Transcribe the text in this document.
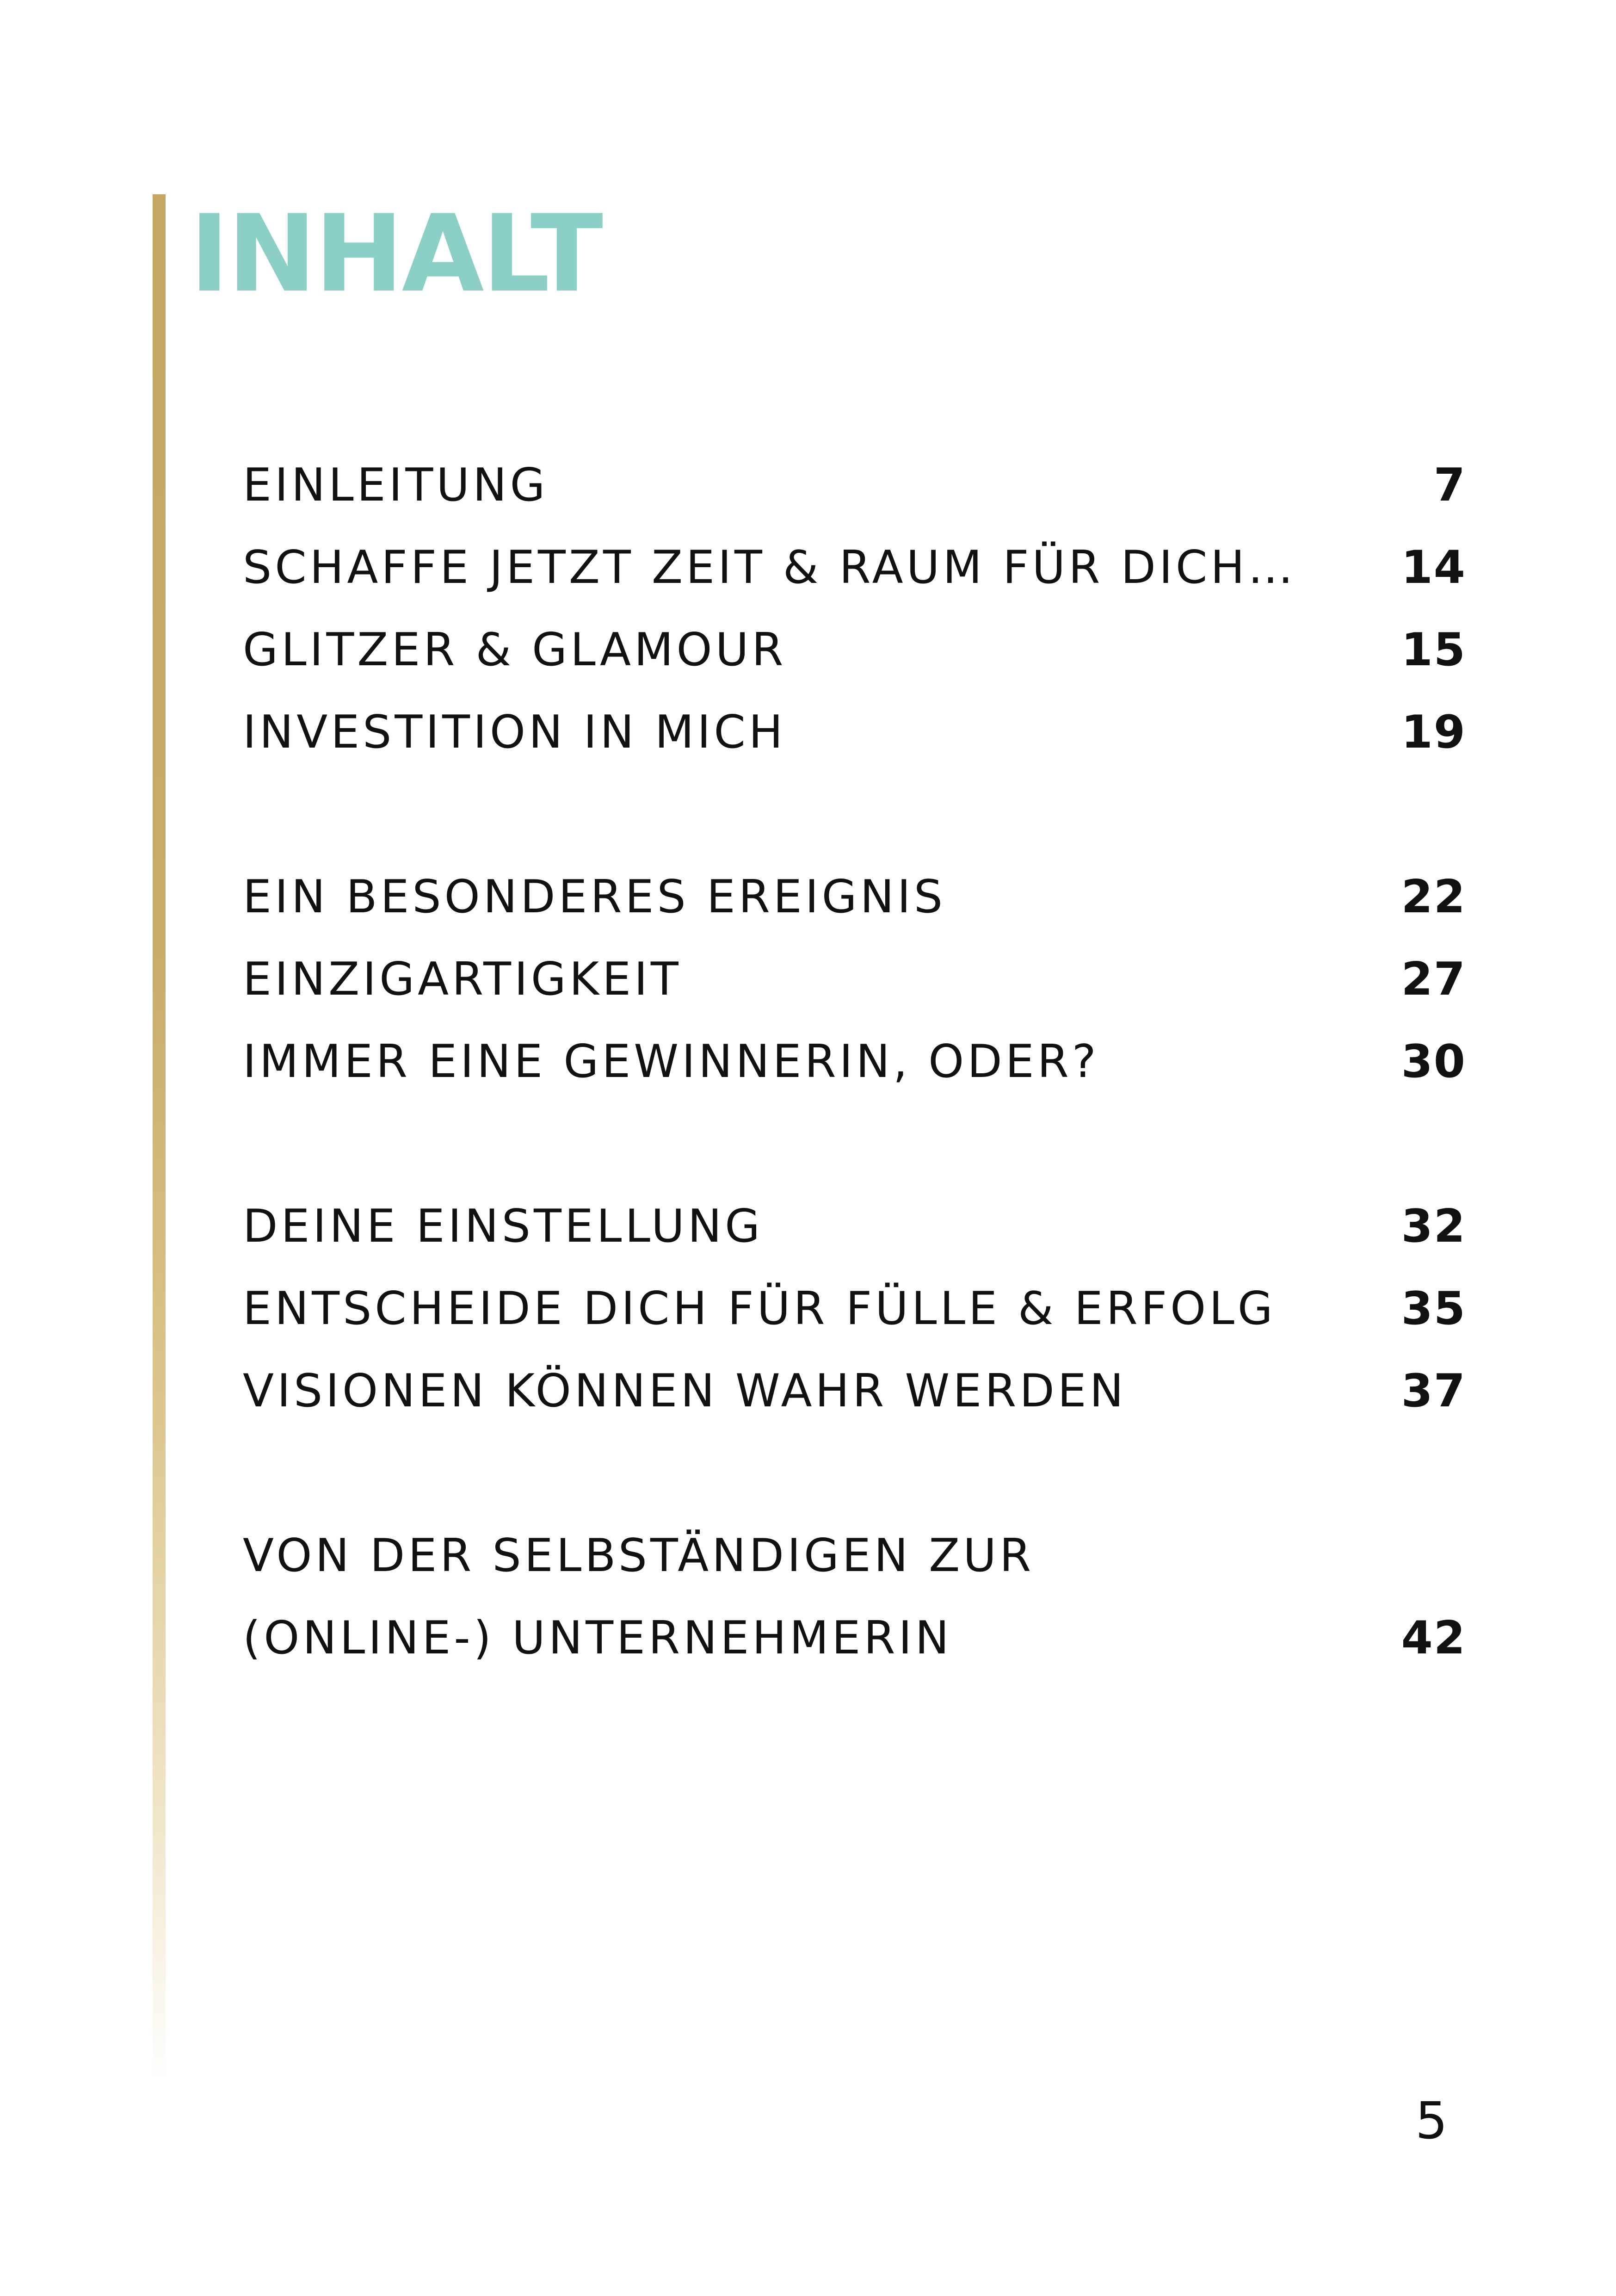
INHALT
EINLEITUNG	7
SCHAFFE JETZT ZEIT & RAUM FÜR DICH…	14
GLITZER & GLAMOUR	15
INVESTITION IN MICH	19
EIN BESONDERES EREIGNIS	22
EINZIGARTIGKEIT	27
IMMER EINE GEWINNERIN, ODER?	30
DEINE EINSTELLUNG	32
ENTSCHEIDE DICH FÜR FÜLLE & ERFOLG	35
VISIONEN KÖNNEN WAHR WERDEN	37
VON DER SELBSTÄNDIGEN ZUR
(ONLINE-) UNTERNEHMERIN	42
5
